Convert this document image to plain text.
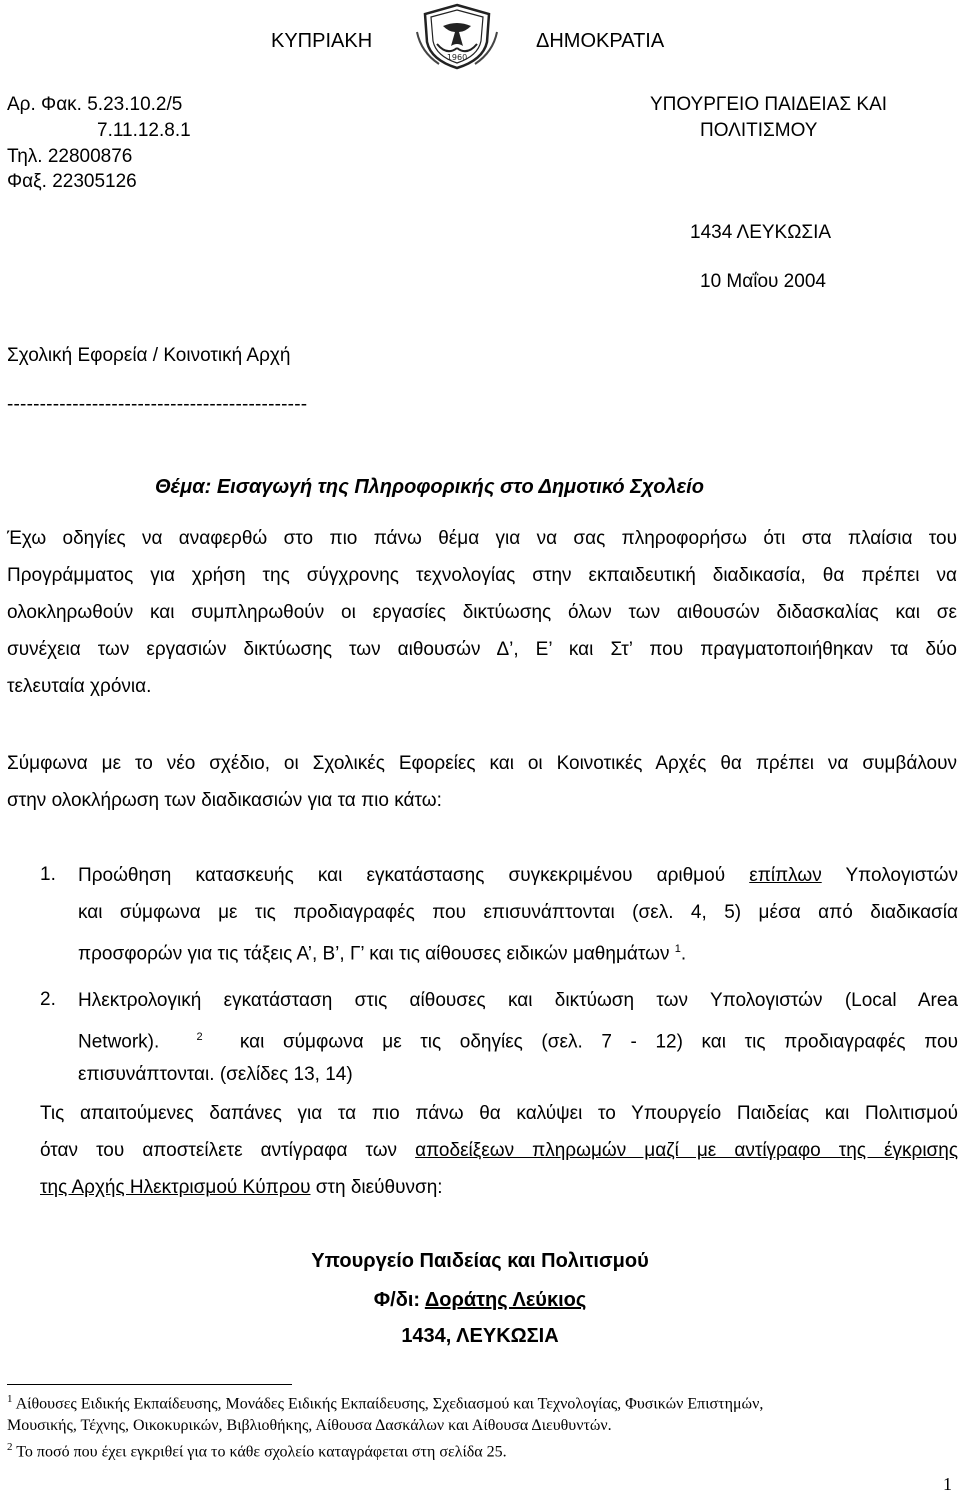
ΚΥΠΡΙΑΚΗ
1960
ΔΗΜΟΚΡΑΤΙΑ
Αρ. Φακ. 5.23.10.2/5
7.11.12.8.1
Τηλ. 22800876
Φαξ. 22305126
ΥΠΟΥΡΓΕΙΟ ΠΑΙΔΕΙΑΣ ΚΑΙ
ΠΟΛΙΤΙΣΜΟΥ
1434 ΛΕΥΚΩΣΙΑ
10 Μαΐου 2004
Σχολική Εφορεία / Κοινοτική Αρχή
----------------------------------------------
Θέμα: Εισαγωγή της Πληροφορικής στο Δημοτικό Σχολείο
Έχω οδηγίες να αναφερθώ στο πιο πάνω θέμα για να σας πληροφορήσω ότι στα πλαίσια του
Προγράμματος για χρήση της σύγχρονης τεχνολογίας στην εκπαιδευτική διαδικασία, θα πρέπει να
ολοκληρωθούν και συμπληρωθούν οι εργασίες δικτύωσης όλων των αιθουσών διδασκαλίας και σε
συνέχεια των εργασιών δικτύωσης των αιθουσών Δ’, Ε’ και Στ’ που πραγματοποιήθηκαν τα δύο
τελευταία χρόνια.
Σύμφωνα με το νέο σχέδιο, οι Σχολικές Εφορείες και οι Κοινοτικές Αρχές θα πρέπει να συμβάλουν
στην ολοκλήρωση των διαδικασιών για τα πιο κάτω:
1. Προώθηση κατασκευής και εγκατάστασης συγκεκριμένου αριθμού επίπλων Υπολογιστών
και σύμφωνα με τις προδιαγραφές που επισυνάπτονται (σελ. 4, 5) μέσα από διαδικασία
προσφορών για τις τάξεις Α’, Β’, Γ’ και τις αίθουσες ειδικών μαθημάτων $^1$.
2. Ηλεκτρολογική εγκατάσταση στις αίθουσες και δικτύωση των Υπολογιστών (Local Area
Network).	$^2$ και σύμφωνα με τις οδηγίες (σελ. 7 - 12) και τις προδιαγραφές που
επισυνάπτονται. (σελίδες 13, 14)
Τις απαιτούμενες δαπάνες για τα πιο πάνω θα καλύψει το Υπουργείο Παιδείας και Πολιτισμού
όταν του αποστείλετε αντίγραφα των αποδείξεων πληρωμών μαζί με αντίγραφο της έγκρισης
της Αρχής Ηλεκτρισμού Κύπρου στη διεύθυνση:
Υπουργείο Παιδείας και Πολιτισμού
Φ/δι: Δοράτης Λεύκιος
1434, ΛΕΥΚΩΣΙΑ
$^1$ Αίθουσες Ειδικής Εκπαίδευσης, Μονάδες Ειδικής Εκπαίδευσης, Σχεδιασμού και Τεχνολογίας, Φυσικών Επιστημών,
Μουσικής, Τέχνης, Οικοκυρικών, Βιβλιοθήκης, Αίθουσα Δασκάλων και Αίθουσα Διευθυντών.
$^2$ Το ποσό που έχει εγκριθεί για το κάθε σχολείο καταγράφεται στη σελίδα 25.
1
